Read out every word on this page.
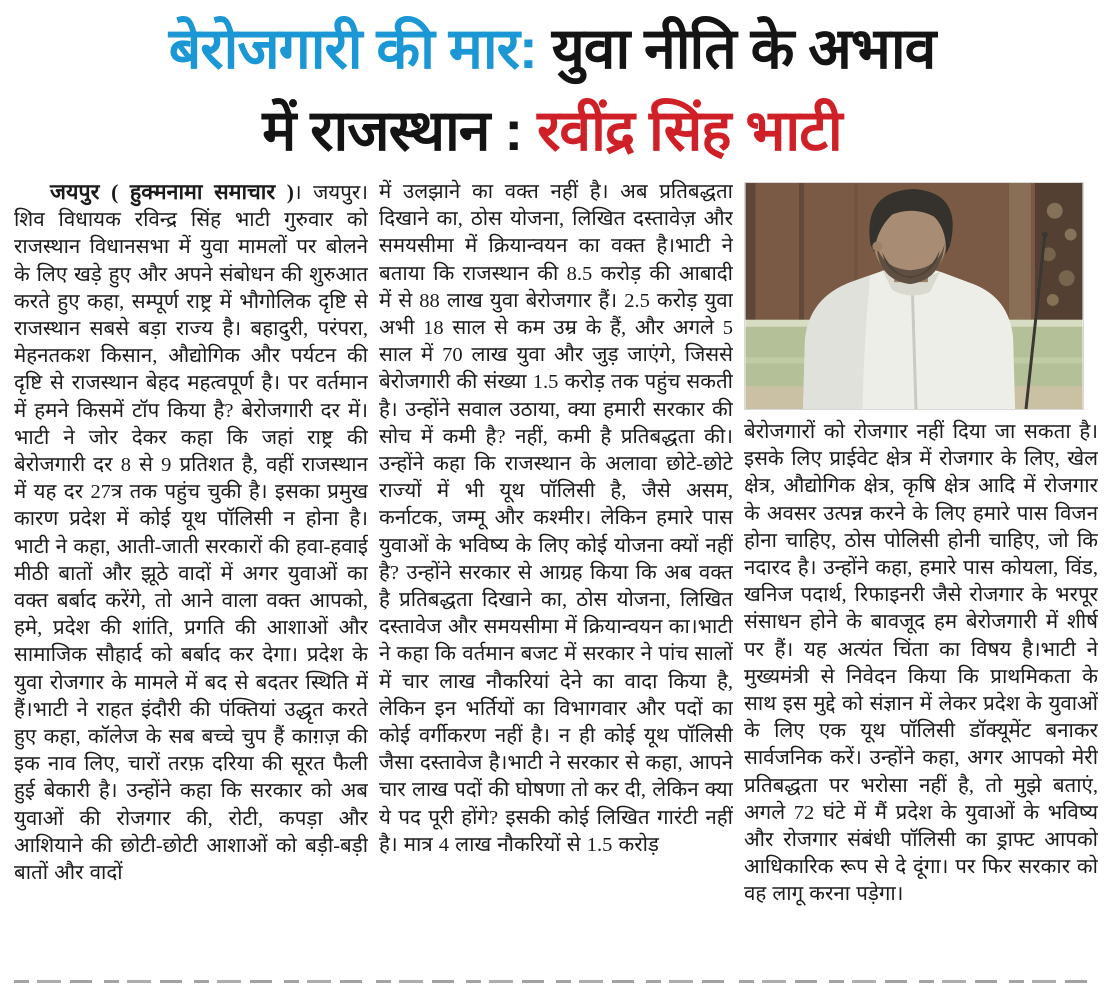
बेरोजगारी की मार: युवा नीति के अभाव
में राजस्थान : रवींद्र सिंह भाटी

जयपुर ( हुक्मनामा समाचार )। जयपुर। शिव विधायक रविन्द्र सिंह भाटी गुरुवार को राजस्थान विधानसभा में युवा मामलों पर बोलने के लिए खड़े हुए और अपने संबोधन की शुरुआत करते हुए कहा, सम्पूर्ण राष्ट्र में भौगोलिक दृष्टि से राजस्थान सबसे बड़ा राज्य है। बहादुरी, परंपरा, मेहनतकश किसान, औद्योगिक और पर्यटन की दृष्टि से राजस्थान बेहद महत्वपूर्ण है। पर वर्तमान में हमने किसमें टॉप किया है? बेरोजगारी दर में।भाटी ने जोर देकर कहा कि जहां राष्ट्र की बेरोजगारी दर 8 से 9 प्रतिशत है, वहीं राजस्थान में यह दर 27त्र तक पहुंच चुकी है। इसका प्रमुख कारण प्रदेश में कोई यूथ पॉलिसी न होना है। भाटी ने कहा, आती-जाती सरकारों की हवा-हवाई मीठी बातों और झूठे वादों में अगर युवाओं का वक्त बर्बाद करेंगे, तो आने वाला वक्त आपको, हमे, प्रदेश की शांति, प्रगति की आशाओं और सामाजिक सौहार्द को बर्बाद कर देगा। प्रदेश के युवा रोजगार के मामले में बद से बदतर स्थिति में हैं।भाटी ने राहत इंदौरी की पंक्तियां उद्धृत करते हुए कहा, कॉलेज के सब बच्चे चुप हैं काग़ज़ की इक नाव लिए, चारों तरफ़ दरिया की सूरत फैली हुई बेकारी है। उन्होंने कहा कि सरकार को अब युवाओं की रोजगार की, रोटी, कपड़ा और आशियाने की छोटी-छोटी आशाओं को बड़ी-बड़ी बातों और वादों

में उलझाने का वक्त नहीं है। अब प्रतिबद्धता दिखाने का, ठोस योजना, लिखित दस्तावेज़ और समयसीमा में क्रियान्वयन का वक्त है।भाटी ने बताया कि राजस्थान की 8.5 करोड़ की आबादी में से 88 लाख युवा बेरोजगार हैं। 2.5 करोड़ युवा अभी 18 साल से कम उम्र के हैं, और अगले 5 साल में 70 लाख युवा और जुड़ जाएंगे, जिससे बेरोजगारी की संख्या 1.5 करोड़ तक पहुंच सकती है। उन्होंने सवाल उठाया, क्या हमारी सरकार की सोच में कमी है? नहीं, कमी है प्रतिबद्धता की।उन्होंने कहा कि राजस्थान के अलावा छोटे-छोटे राज्यों में भी यूथ पॉलिसी है, जैसे असम, कर्नाटक, जम्मू और कश्मीर। लेकिन हमारे पास युवाओं के भविष्य के लिए कोई योजना क्यों नहीं है? उन्होंने सरकार से आग्रह किया कि अब वक्त है प्रतिबद्धता दिखाने का, ठोस योजना, लिखित दस्तावेज और समयसीमा में क्रियान्वयन का।भाटी ने कहा कि वर्तमान बजट में सरकार ने पांच सालों में चार लाख नौकरियां देने का वादा किया है, लेकिन इन भर्तियों का विभागवार और पदों का कोई वर्गीकरण नहीं है। न ही कोई यूथ पॉलिसी जैसा दस्तावेज है।भाटी ने सरकार से कहा, आपने चार लाख पदों की घोषणा तो कर दी, लेकिन क्या ये पद पूरी होंगे? इसकी कोई लिखित गारंटी नहीं है। मात्र 4 लाख नौकरियों से 1.5 करोड़

बेरोजगारों को रोजगार नहीं दिया जा सकता है। इसके लिए प्राईवेट क्षेत्र में रोजगार के लिए, खेल क्षेत्र, औद्योगिक क्षेत्र, कृषि क्षेत्र आदि में रोजगार के अवसर उत्पन्न करने के लिए हमारे पास विजन होना चाहिए, ठोस पोलिसी होनी चाहिए, जो कि नदारद है। उन्होंने कहा, हमारे पास कोयला, विंड, खनिज पदार्थ, रिफाइनरी जैसे रोजगार के भरपूर संसाधन होने के बावजूद हम बेरोजगारी में शीर्ष पर हैं। यह अत्यंत चिंता का विषय है।भाटी ने मुख्यमंत्री से निवेदन किया कि प्राथमिकता के साथ इस मुद्दे को संज्ञान में लेकर प्रदेश के युवाओं के लिए एक यूथ पॉलिसी डॉक्यूमेंट बनाकर सार्वजनिक करें। उन्होंने कहा, अगर आपको मेरी प्रतिबद्धता पर भरोसा नहीं है, तो मुझे बताएं, अगले 72 घंटे में मैं प्रदेश के युवाओं के भविष्य और रोजगार संबंधी पॉलिसी का ड्राफ्ट आपको आधिकारिक रूप से दे दूंगा। पर फिर सरकार को वह लागू करना पड़ेगा।
